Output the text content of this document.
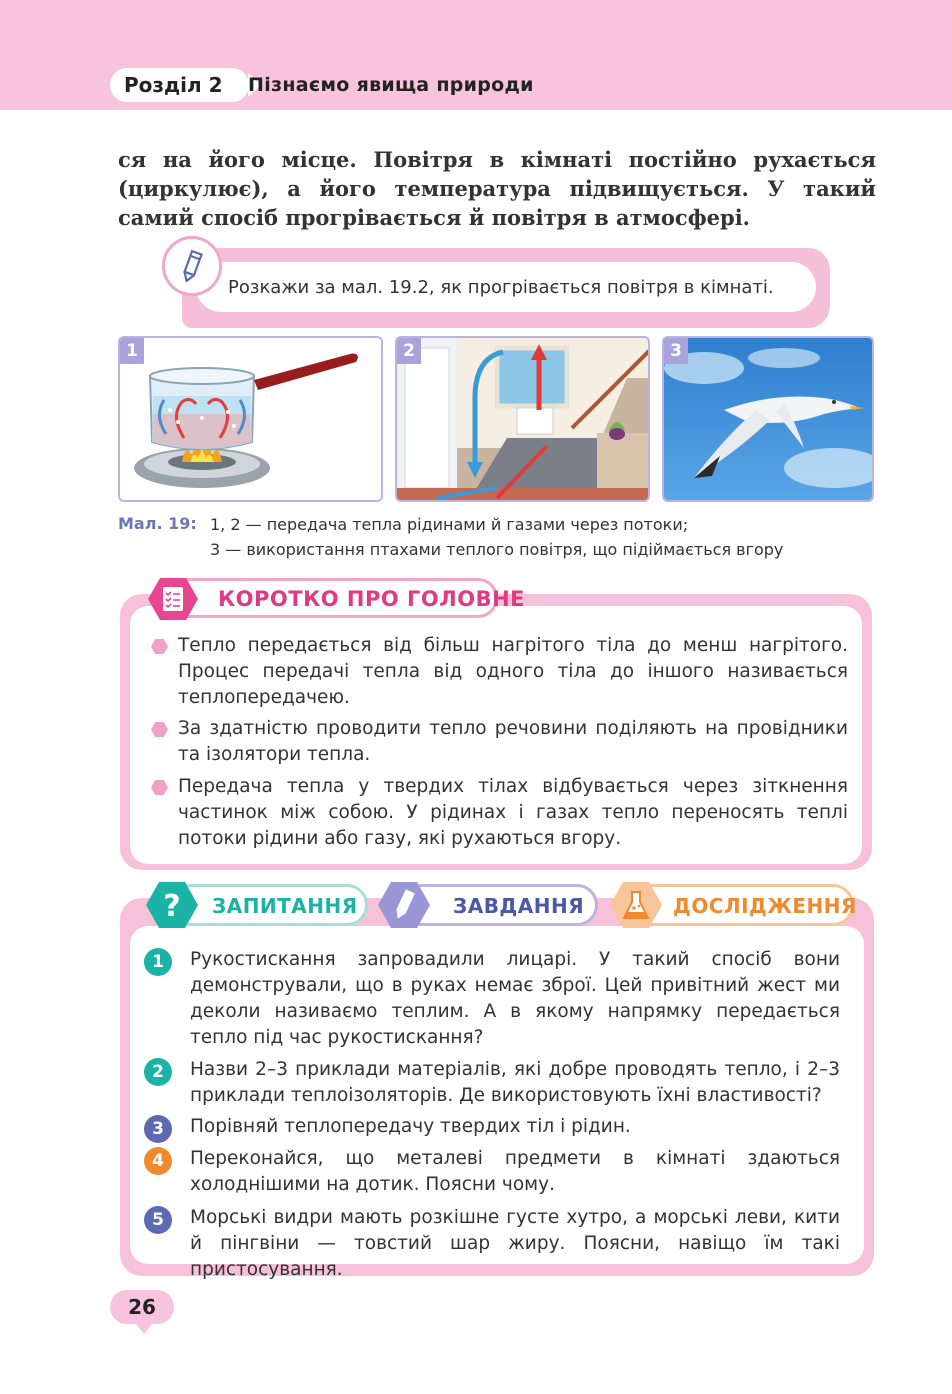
Розділ 2 Пізнаємо явища природи
ся на його місце. Повітря в кімнаті постійно рухається (циркулює), а його температура підвищується. У такий самий спосіб прогрівається й повітря в атмосфері.
Розкажи за мал. 19.2, як прогрівається повітря в кімнаті.
1	2	3
Мал. 19: 1, 2 — передача тепла рідинами й газами через потоки;
3 — використання птахами теплого повітря, що підіймається вгору
КОРОТКО ПРО ГОЛОВНЕ
Тепло передається від більш нагрітого тіла до менш нагрітого. Процес передачі тепла від одного тіла до іншого називається теплопередачею.
За здатністю проводити тепло речовини поділяють на провідники та ізолятори тепла.
Передача тепла у твердих тілах відбувається через зіткнення частинок між собою. У рідинах і газах тепло переносять теплі потоки рідини або газу, які рухаються вгору.
? ЗАПИТАННЯ	ЗАВДАННЯ	ДОСЛІДЖЕННЯ
1	Рукостискання запровадили лицарі. У такий спосіб вони демонстрували, що в руках немає зброї. Цей привітний жест ми деколи називаємо теплим. А в якому напрямку передається тепло під час рукостискання?
2	Назви 2–3 приклади матеріалів, які добре проводять тепло, і 2–3 приклади теплоізоляторів. Де використовують їхні властивості?
3	Порівняй теплопередачу твердих тіл і рідин.
4	Переконайся, що металеві предмети в кімнаті здаються холоднішими на дотик. Поясни чому.
5	Морські видри мають розкішне густе хутро, а морські леви, кити й пінгвіни — товстий шар жиру. Поясни, навіщо їм такі пристосування.
26
